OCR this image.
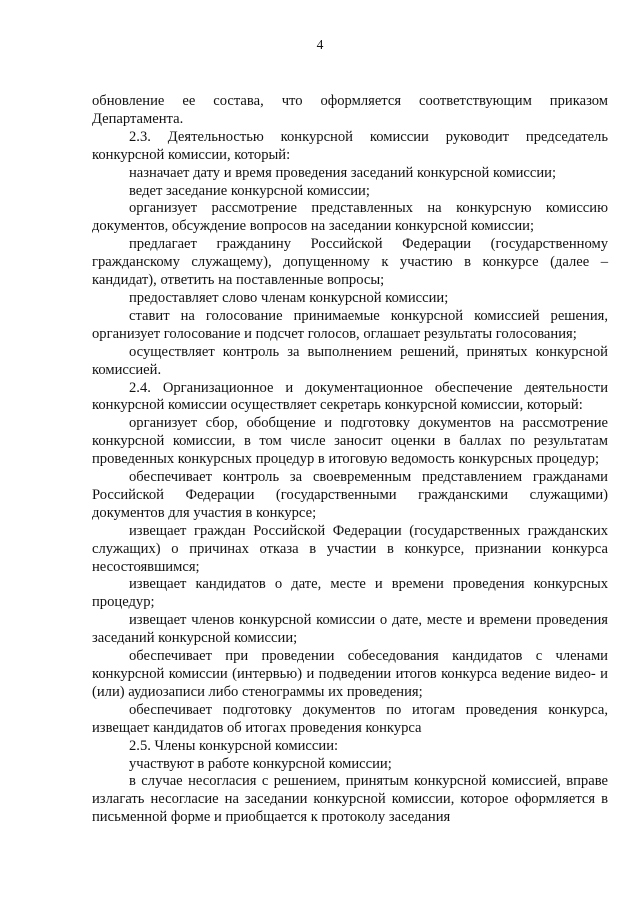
4

обновление ее состава, что оформляется соответствующим приказом Департамента.

2.3. Деятельностью конкурсной комиссии руководит председатель конкурсной комиссии, который:

назначает дату и время проведения заседаний конкурсной комиссии;

ведет заседание конкурсной комиссии;

организует рассмотрение представленных на конкурсную комиссию документов, обсуждение вопросов на заседании конкурсной комиссии;

предлагает гражданину Российской Федерации (государственному гражданскому служащему), допущенному к участию в конкурсе (далее – кандидат), ответить на поставленные вопросы;

предоставляет слово членам конкурсной комиссии;

ставит на голосование принимаемые конкурсной комиссией решения, организует голосование и подсчет голосов, оглашает результаты голосования;

осуществляет контроль за выполнением решений, принятых конкурсной комиссией.

2.4. Организационное и документационное обеспечение деятельности конкурсной комиссии осуществляет секретарь конкурсной комиссии, который:

организует сбор, обобщение и подготовку документов на рассмотрение конкурсной комиссии, в том числе заносит оценки в баллах по результатам проведенных конкурсных процедур в итоговую ведомость конкурсных процедур;

обеспечивает контроль за своевременным представлением гражданами Российской Федерации (государственными гражданскими служащими) документов для участия в конкурсе;

извещает граждан Российской Федерации (государственных гражданских служащих) о причинах отказа в участии в конкурсе, признании конкурса несостоявшимся;

извещает кандидатов о дате, месте и времени проведения конкурсных процедур;

извещает членов конкурсной комиссии о дате, месте и времени проведения заседаний конкурсной комиссии;

обеспечивает при проведении собеседования кандидатов с членами конкурсной комиссии (интервью) и подведении итогов конкурса ведение видео- и (или) аудиозаписи либо стенограммы их проведения;

обеспечивает подготовку документов по итогам проведения конкурса, извещает кандидатов об итогах проведения конкурса

2.5. Члены конкурсной комиссии:

участвуют в работе конкурсной комиссии;

в случае несогласия с решением, принятым конкурсной комиссией, вправе излагать несогласие на заседании конкурсной комиссии, которое оформляется в письменной форме и приобщается к протоколу заседания
